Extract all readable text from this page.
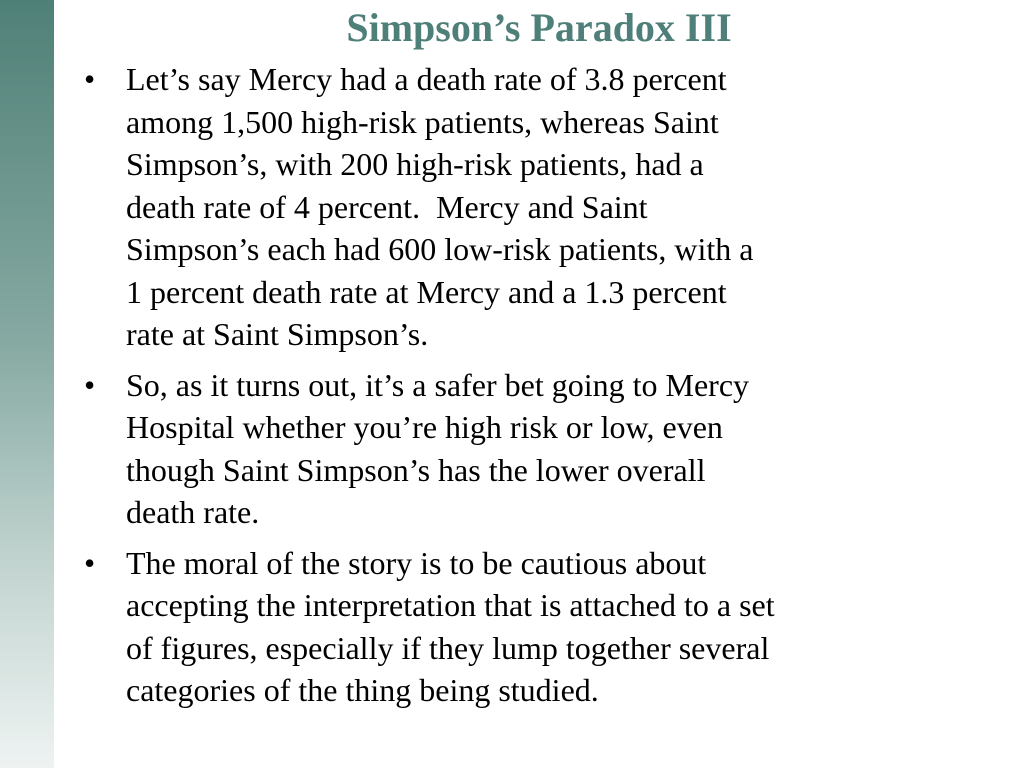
Simpson’s Paradox III
• Let’s say Mercy had a death rate of 3.8 percent
among 1,500 high-risk patients, whereas Saint
Simpson’s, with 200 high-risk patients, had a
death rate of 4 percent.  Mercy and Saint
Simpson’s each had 600 low-risk patients, with a
1 percent death rate at Mercy and a 1.3 percent
rate at Saint Simpson’s.
• So, as it turns out, it’s a safer bet going to Mercy
Hospital whether you’re high risk or low, even
though Saint Simpson’s has the lower overall
death rate.
• The moral of the story is to be cautious about
accepting the interpretation that is attached to a set
of figures, especially if they lump together several
categories of the thing being studied.
